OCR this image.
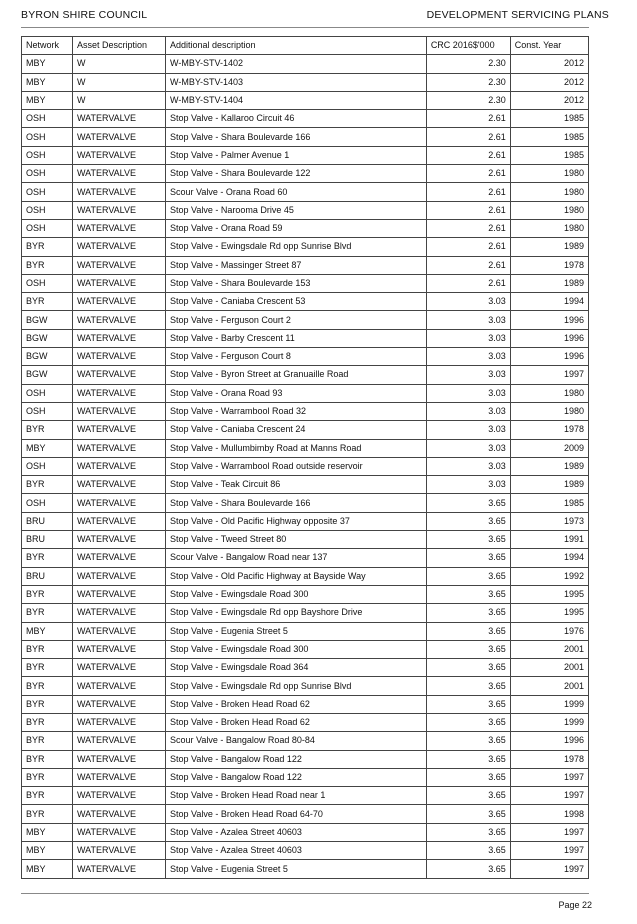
BYRON SHIRE COUNCIL	DEVELOPMENT SERVICING PLANS
Network	Asset Description	Additional description	CRC 2016$'000	Const. Year
MBY	W	W-MBY-STV-1402	2.30	2012
MBY	W	W-MBY-STV-1403	2.30	2012
MBY	W	W-MBY-STV-1404	2.30	2012
OSH	WATERVALVE	Stop Valve - Kallaroo Circuit 46	2.61	1985
OSH	WATERVALVE	Stop Valve - Shara Boulevarde 166	2.61	1985
OSH	WATERVALVE	Stop Valve - Palmer Avenue 1	2.61	1985
OSH	WATERVALVE	Stop Valve - Shara Boulevarde 122	2.61	1980
OSH	WATERVALVE	Scour Valve - Orana Road 60	2.61	1980
OSH	WATERVALVE	Stop Valve - Narooma Drive 45	2.61	1980
OSH	WATERVALVE	Stop Valve - Orana Road 59	2.61	1980
BYR	WATERVALVE	Stop Valve - Ewingsdale Rd opp Sunrise Blvd	2.61	1989
BYR	WATERVALVE	Stop Valve - Massinger Street 87	2.61	1978
OSH	WATERVALVE	Stop Valve - Shara Boulevarde 153	2.61	1989
BYR	WATERVALVE	Stop Valve - Caniaba Crescent 53	3.03	1994
BGW	WATERVALVE	Stop Valve - Ferguson Court 2	3.03	1996
BGW	WATERVALVE	Stop Valve - Barby Crescent 11	3.03	1996
BGW	WATERVALVE	Stop Valve - Ferguson Court 8	3.03	1996
BGW	WATERVALVE	Stop Valve - Byron Street at Granuaille Road	3.03	1997
OSH	WATERVALVE	Stop Valve - Orana Road 93	3.03	1980
OSH	WATERVALVE	Stop Valve - Warrambool Road 32	3.03	1980
BYR	WATERVALVE	Stop Valve - Caniaba Crescent 24	3.03	1978
MBY	WATERVALVE	Stop Valve - Mullumbimby Road at Manns Road	3.03	2009
OSH	WATERVALVE	Stop Valve - Warrambool Road outside reservoir	3.03	1989
BYR	WATERVALVE	Stop Valve - Teak Circuit 86	3.03	1989
OSH	WATERVALVE	Stop Valve - Shara Boulevarde 166	3.65	1985
BRU	WATERVALVE	Stop Valve - Old Pacific Highway opposite 37	3.65	1973
BRU	WATERVALVE	Stop Valve - Tweed Street 80	3.65	1991
BYR	WATERVALVE	Scour Valve - Bangalow Road near 137	3.65	1994
BRU	WATERVALVE	Stop Valve - Old Pacific Highway at Bayside Way	3.65	1992
BYR	WATERVALVE	Stop Valve - Ewingsdale Road 300	3.65	1995
BYR	WATERVALVE	Stop Valve - Ewingsdale Rd opp Bayshore Drive	3.65	1995
MBY	WATERVALVE	Stop Valve - Eugenia Street 5	3.65	1976
BYR	WATERVALVE	Stop Valve - Ewingsdale Road 300	3.65	2001
BYR	WATERVALVE	Stop Valve - Ewingsdale Road 364	3.65	2001
BYR	WATERVALVE	Stop Valve - Ewingsdale Rd opp Sunrise Blvd	3.65	2001
BYR	WATERVALVE	Stop Valve - Broken Head Road 62	3.65	1999
BYR	WATERVALVE	Stop Valve - Broken Head Road 62	3.65	1999
BYR	WATERVALVE	Scour Valve - Bangalow Road 80-84	3.65	1996
BYR	WATERVALVE	Stop Valve - Bangalow Road 122	3.65	1978
BYR	WATERVALVE	Stop Valve - Bangalow Road 122	3.65	1997
BYR	WATERVALVE	Stop Valve - Broken Head Road near 1	3.65	1997
BYR	WATERVALVE	Stop Valve - Broken Head Road 64-70	3.65	1998
MBY	WATERVALVE	Stop Valve - Azalea Street 40603	3.65	1997
MBY	WATERVALVE	Stop Valve - Azalea Street 40603	3.65	1997
MBY	WATERVALVE	Stop Valve - Eugenia Street 5	3.65	1997
Page 22
